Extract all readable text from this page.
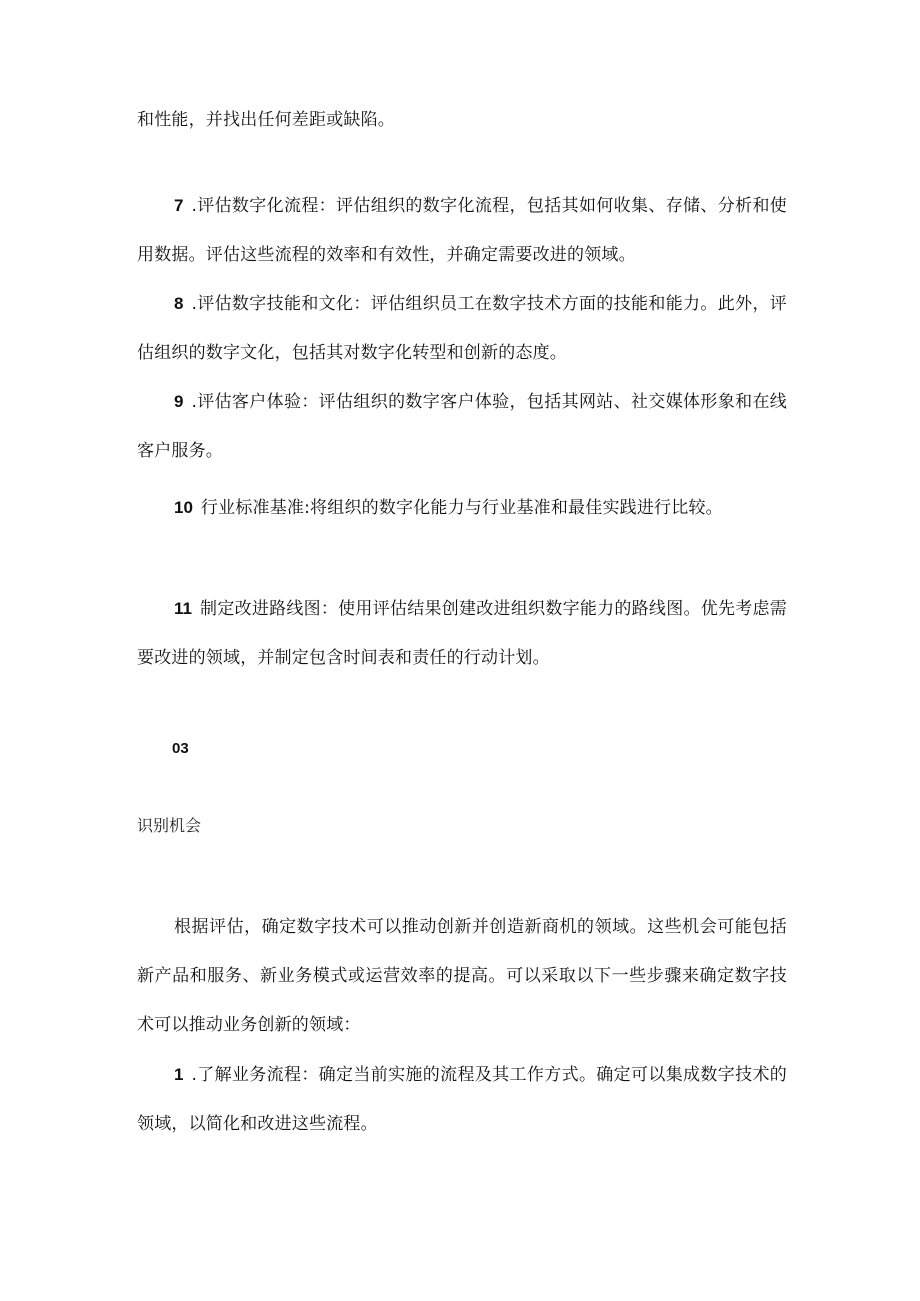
和性能，并找出任何差距或缺陷。

7 .评估数字化流程：评估组织的数字化流程，包括其如何收集、存储、分析和使用数据。评估这些流程的效率和有效性，并确定需要改进的领域。

8 .评估数字技能和文化：评估组织员工在数字技术方面的技能和能力。此外，评估组织的数字文化，包括其对数字化转型和创新的态度。

9 .评估客户体验：评估组织的数字客户体验，包括其网站、社交媒体形象和在线客户服务。

10 行业标准基准:将组织的数字化能力与行业基准和最佳实践进行比较。

11 制定改进路线图：使用评估结果创建改进组织数字能力的路线图。优先考虑需要改进的领域，并制定包含时间表和责任的行动计划。

03

识别机会

根据评估，确定数字技术可以推动创新并创造新商机的领域。这些机会可能包括新产品和服务、新业务模式或运营效率的提高。可以采取以下一些步骤来确定数字技术可以推动业务创新的领域：

1 .了解业务流程：确定当前实施的流程及其工作方式。确定可以集成数字技术的领域，以简化和改进这些流程。
